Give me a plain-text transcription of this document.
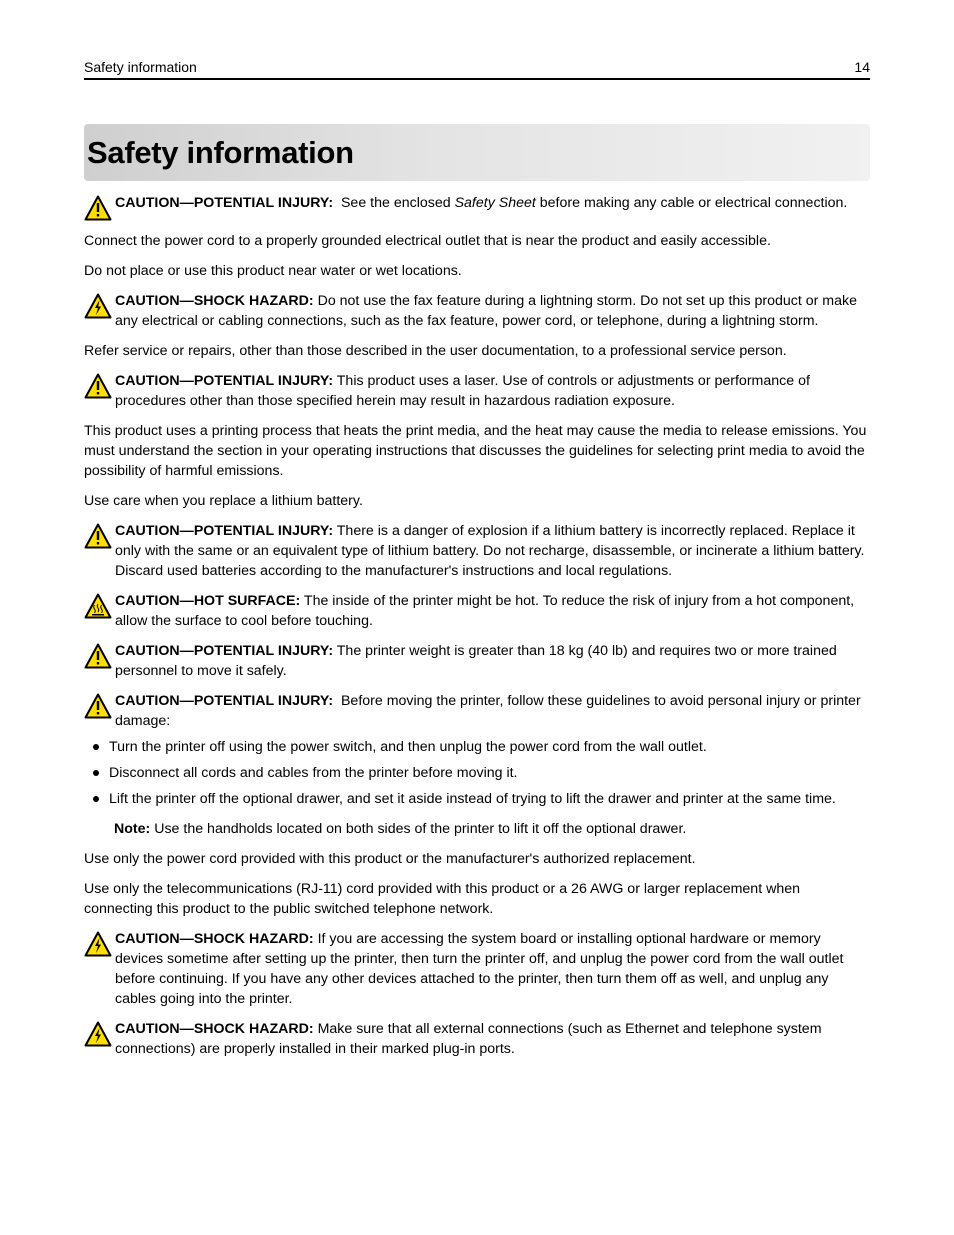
Safety information	14
Safety information
CAUTION—POTENTIAL INJURY: See the enclosed Safety Sheet before making any cable or electrical connection.

Connect the power cord to a properly grounded electrical outlet that is near the product and easily accessible.

Do not place or use this product near water or wet locations.

CAUTION—SHOCK HAZARD: Do not use the fax feature during a lightning storm. Do not set up this product or make any electrical or cabling connections, such as the fax feature, power cord, or telephone, during a lightning storm.

Refer service or repairs, other than those described in the user documentation, to a professional service person.

CAUTION—POTENTIAL INJURY: This product uses a laser. Use of controls or adjustments or performance of procedures other than those specified herein may result in hazardous radiation exposure.

This product uses a printing process that heats the print media, and the heat may cause the media to release emissions. You must understand the section in your operating instructions that discusses the guidelines for selecting print media to avoid the possibility of harmful emissions.

Use care when you replace a lithium battery.

CAUTION—POTENTIAL INJURY: There is a danger of explosion if a lithium battery is incorrectly replaced. Replace it only with the same or an equivalent type of lithium battery. Do not recharge, disassemble, or incinerate a lithium battery. Discard used batteries according to the manufacturer's instructions and local regulations.
CAUTION—HOT SURFACE: The inside of the printer might be hot. To reduce the risk of injury from a hot component, allow the surface to cool before touching.
CAUTION—POTENTIAL INJURY: The printer weight is greater than 18 kg (40 lb) and requires two or more trained personnel to move it safely.
CAUTION—POTENTIAL INJURY: Before moving the printer, follow these guidelines to avoid personal injury or printer damage:
Turn the printer off using the power switch, and then unplug the power cord from the wall outlet.
Disconnect all cords and cables from the printer before moving it.
Lift the printer off the optional drawer, and set it aside instead of trying to lift the drawer and printer at the same time.

Note: Use the handholds located on both sides of the printer to lift it off the optional drawer.

Use only the power cord provided with this product or the manufacturer's authorized replacement.

Use only the telecommunications (RJ-11) cord provided with this product or a 26 AWG or larger replacement when connecting this product to the public switched telephone network.

CAUTION—SHOCK HAZARD: If you are accessing the system board or installing optional hardware or memory devices sometime after setting up the printer, then turn the printer off, and unplug the power cord from the wall outlet before continuing. If you have any other devices attached to the printer, then turn them off as well, and unplug any cables going into the printer.
CAUTION—SHOCK HAZARD: Make sure that all external connections (such as Ethernet and telephone system connections) are properly installed in their marked plug-in ports.
